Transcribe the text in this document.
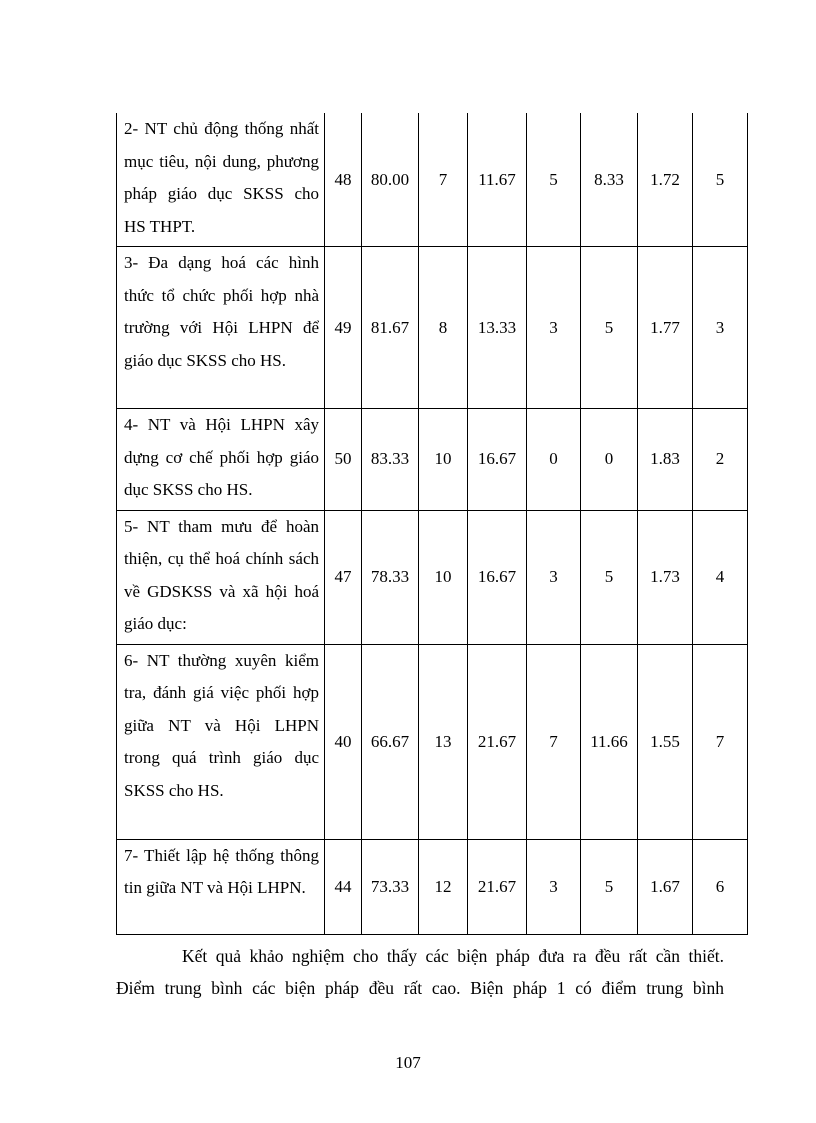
2- NT chủ động thống nhất mục tiêu, nội dung, phương pháp giáo dục SKSS cho HS THPT.	48	80.00	7	11.67	5	8.33	1.72	5
3- Đa dạng hoá các hình thức tổ chức phối hợp nhà trường với Hội LHPN để giáo dục SKSS cho HS.	49	81.67	8	13.33	3	5	1.77	3
4- NT và Hội LHPN xây dựng cơ chế phối hợp giáo dục SKSS cho HS.	50	83.33	10	16.67	0	0	1.83	2
5- NT tham mưu để hoàn thiện, cụ thể hoá chính sách về GDSKSS và xã hội hoá giáo dục:	47	78.33	10	16.67	3	5	1.73	4
6- NT thường xuyên kiểm tra, đánh giá việc phối hợp giữa NT và Hội LHPN trong quá trình giáo dục SKSS cho HS.	40	66.67	13	21.67	7	11.66	1.55	7
7- Thiết lập hệ thống thông tin giữa NT và Hội LHPN.	44	73.33	12	21.67	3	5	1.67	6
Kết quả khảo nghiệm cho thấy các biện pháp đưa ra đều rất cần thiết.
Điểm trung bình các biện pháp đều rất cao. Biện pháp 1 có điểm trung bình
107
